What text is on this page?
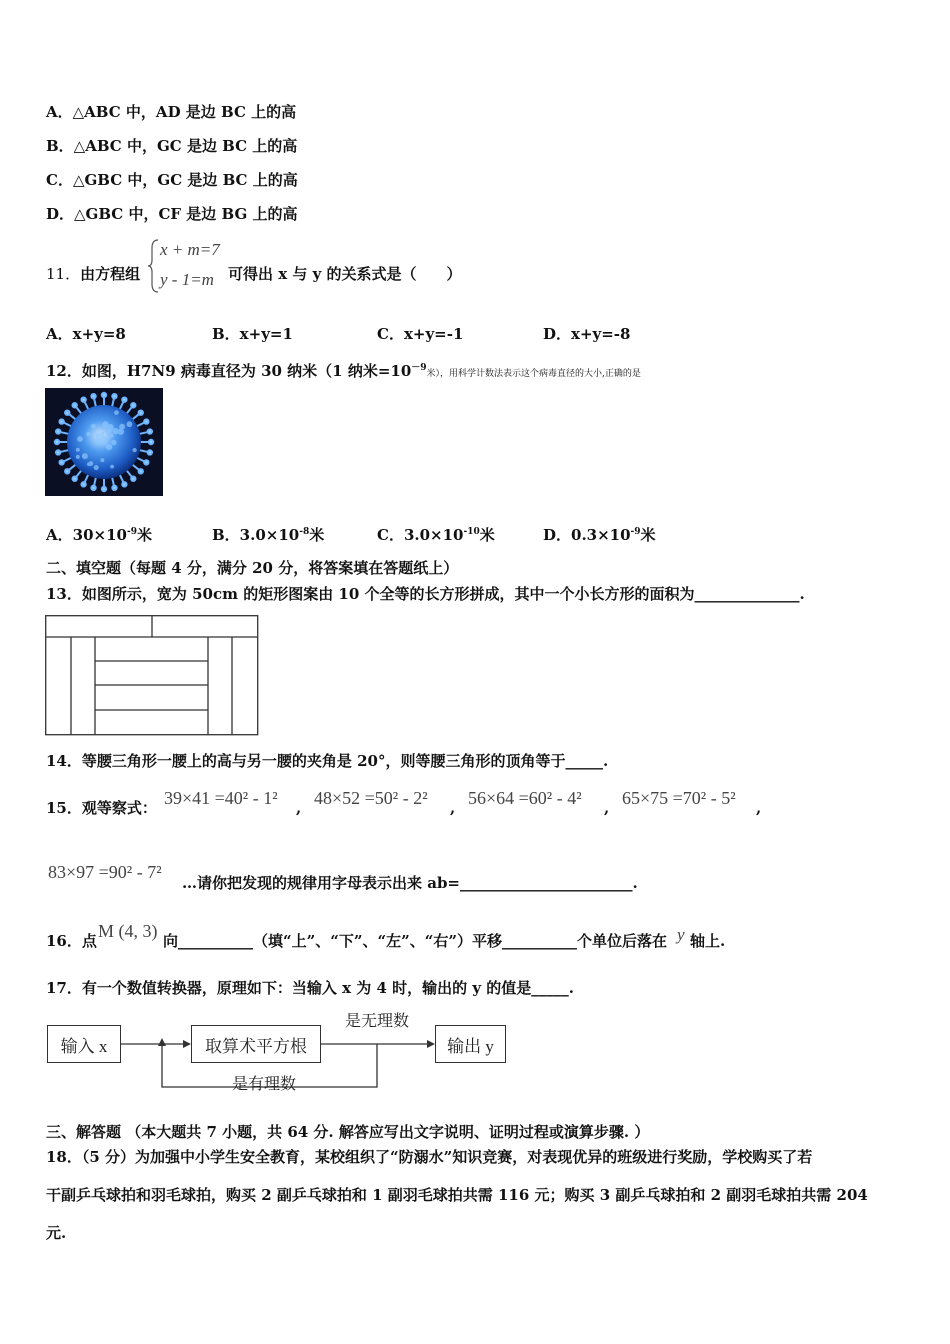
A．△ABC 中，AD 是边 BC 上的高
B．△ABC 中，GC 是边 BC 上的高
C．△GBC 中，GC 是边 BC 上的高
D．△GBC 中，CF 是边 BG 上的高
11．由方程组
x + m=7
y - 1=m 可得出 x 与 y 的关系式是（　　）
A．x+y=8	B．x+y=1	C．x+y=-1	D．x+y=-8
12．如图，H7N9 病毒直径为 30 纳米（1 纳米$=10^{-9}$米），用科学计数法表示这个病毒直径的大小,正确的是
A．$30\times 10^{-9}$米	B．$3.0\times 10^{-8}$米	C．$3.0\times 10^{-10}$米	D．$0.3\times 10^{-9}$米
二、填空题（每题 4 分，满分 20 分，将答案填在答题纸上）
13．如图所示，宽为 50cm 的矩形图案由 10 个全等的长方形拼成，其中一个小长方形的面积为______________.
14．等腰三角形一腰上的高与另一腰的夹角是 20°，则等腰三角形的顶角等于_____.
15．观等察式： 39×41 =40² - 1² , 48×52 =50² - 2² , 56×64 =60² - 4² , 65×75 =70² - 5² ,
83×97 =90² - 7²
…请你把发现的规律用字母表示出来 ab=_______________________.
16．点 M (4, 3) 向__________（填“上”、“下”、“左”、“右”）平移__________个单位后落在 y 轴上.
17．有一个数值转换器，原理如下：当输入 x 为 4 时，输出的 y 的值是_____.
输入 x	取算术平方根	输出 y
是无理数
是有理数
三、解答题 （本大题共 7 小题，共 64 分. 解答应写出文字说明、证明过程或演算步骤. ）
18．（5 分）为加强中小学生安全教育，某校组织了“防溺水”知识竞赛，对表现优异的班级进行奖励，学校购买了若
干副乒乓球拍和羽毛球拍，购买 2 副乒乓球拍和 1 副羽毛球拍共需 116 元；购买 3 副乒乓球拍和 2 副羽毛球拍共需 204
元.
